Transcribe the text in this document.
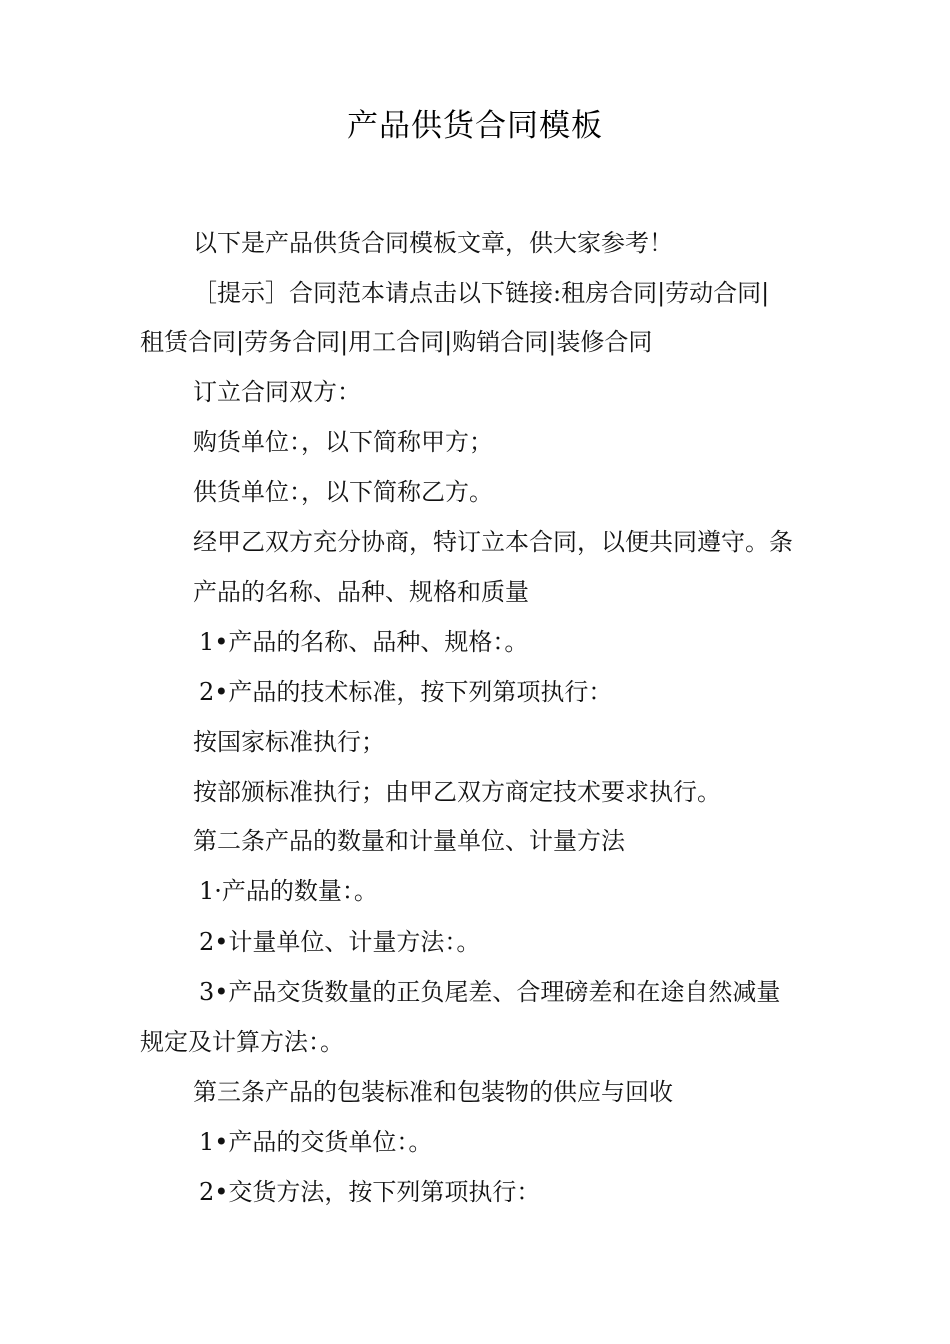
产品供货合同模板
以下是产品供货合同模板文章，供大家参考！
［提示］合同范本请点击以下链接:租房合同|劳动合同|
租赁合同|劳务合同|用工合同|购销合同|装修合同
订立合同双方：
购货单位：，以下简称甲方；
供货单位：，以下简称乙方。
经甲乙双方充分协商，特订立本合同，以便共同遵守。条
产品的名称、品种、规格和质量
1•产品的名称、品种、规格：。
2•产品的技术标准，按下列第项执行：
按国家标准执行；
按部颁标准执行；由甲乙双方商定技术要求执行。
第二条产品的数量和计量单位、计量方法
1·产品的数量：。
2•计量单位、计量方法：。
3•产品交货数量的正负尾差、合理磅差和在途自然减量
规定及计算方法：。
第三条产品的包装标准和包装物的供应与回收
1•产品的交货单位：。
2•交货方法，按下列第项执行：
